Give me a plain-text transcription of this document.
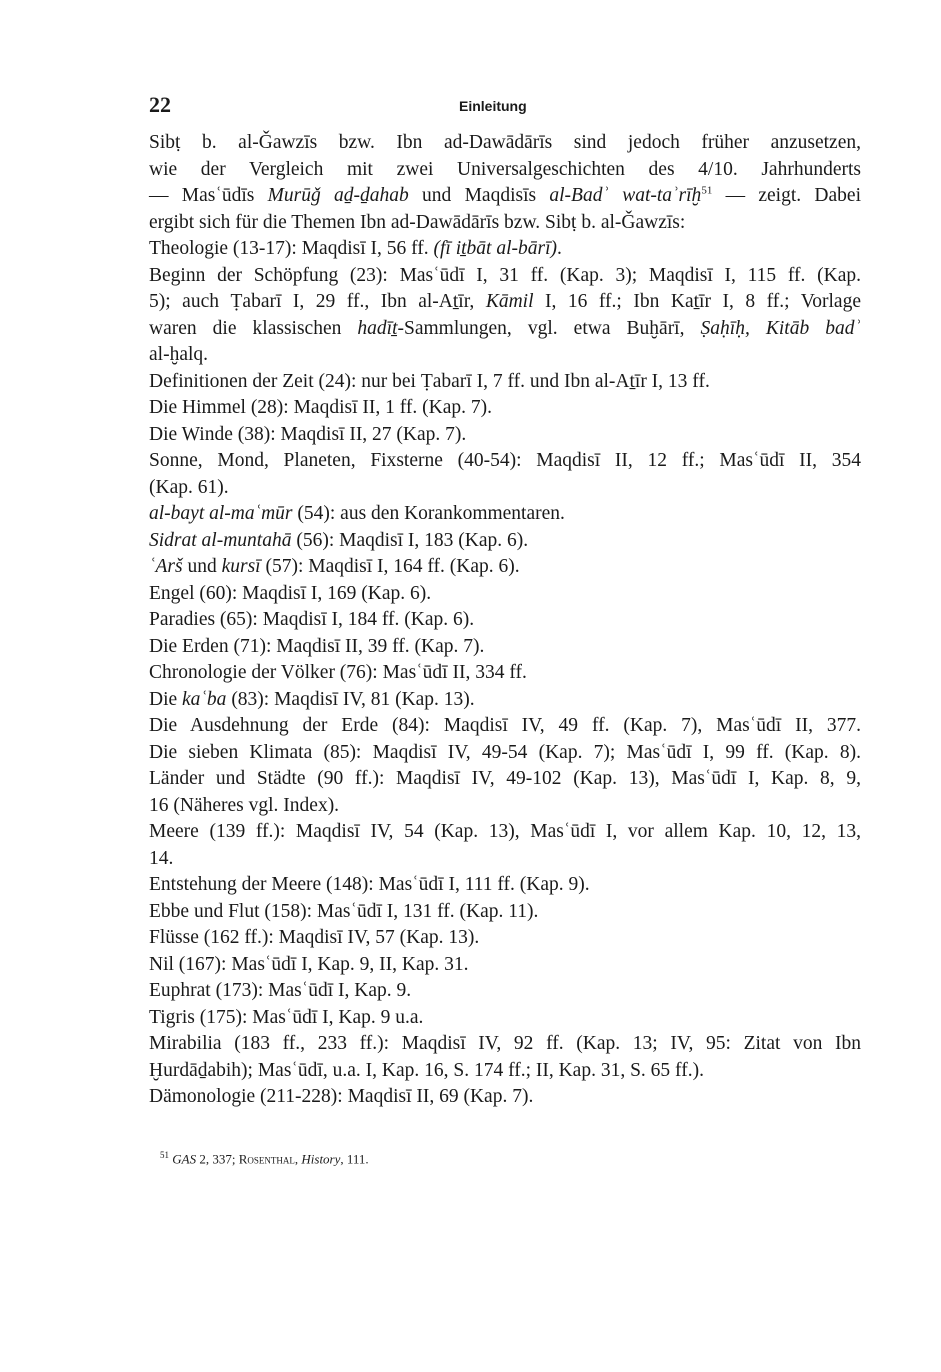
22	Einleitung
Sibṭ b. al-Ǧawzīs bzw. Ibn ad-Dawādārīs sind jedoch früher anzusetzen,
wie der Vergleich mit zwei Universalgeschichten des 4/10. Jahrhunderts
— Masʿūdīs Murūǧ aḏ-ḏahab und Maqdisīs al-Badʾ wat-taʾrīḫ$^{51}$ — zeigt. Dabei
ergibt sich für die Themen Ibn ad-Dawādārīs bzw. Sibṭ b. al-Ǧawzīs:
Theologie (13-17): Maqdisī I, 56 ff. (fī iṯbāt al-bārī).
Beginn der Schöpfung (23): Masʿūdī I, 31 ff. (Kap. 3); Maqdisī I, 115 ff. (Kap.
5); auch Ṭabarī I, 29 ff., Ibn al-Aṯīr, Kāmil I, 16 ff.; Ibn Kaṯīr I, 8 ff.; Vorlage
waren die klassischen hadīṯ-Sammlungen, vgl. etwa Buḫārī, Ṣaḥīḥ, Kitāb badʾ
al-ḫalq.
Definitionen der Zeit (24): nur bei Ṭabarī I, 7 ff. und Ibn al-Aṯīr I, 13 ff.
Die Himmel (28): Maqdisī II, 1 ff. (Kap. 7).
Die Winde (38): Maqdisī II, 27 (Kap. 7).
Sonne, Mond, Planeten, Fixsterne (40-54): Maqdisī II, 12 ff.; Masʿūdī II, 354
(Kap. 61).
al-bayt al-maʿmūr (54): aus den Korankommentaren.
Sidrat al-muntahā (56): Maqdisī I, 183 (Kap. 6).
ʿArš und kursī (57): Maqdisī I, 164 ff. (Kap. 6).
Engel (60): Maqdisī I, 169 (Kap. 6).
Paradies (65): Maqdisī I, 184 ff. (Kap. 6).
Die Erden (71): Maqdisī II, 39 ff. (Kap. 7).
Chronologie der Völker (76): Masʿūdī II, 334 ff.
Die kaʿba (83): Maqdisī IV, 81 (Kap. 13).
Die Ausdehnung der Erde (84): Maqdisī IV, 49 ff. (Kap. 7), Masʿūdī II, 377.
Die sieben Klimata (85): Maqdisī IV, 49-54 (Kap. 7); Masʿūdī I, 99 ff. (Kap. 8).
Länder und Städte (90 ff.): Maqdisī IV, 49-102 (Kap. 13), Masʿūdī I, Kap. 8, 9,
16 (Näheres vgl. Index).
Meere (139 ff.): Maqdisī IV, 54 (Kap. 13), Masʿūdī I, vor allem Kap. 10, 12, 13,
14.
Entstehung der Meere (148): Masʿūdī I, 111 ff. (Kap. 9).
Ebbe und Flut (158): Masʿūdī I, 131 ff. (Kap. 11).
Flüsse (162 ff.): Maqdisī IV, 57 (Kap. 13).
Nil (167): Masʿūdī I, Kap. 9, II, Kap. 31.
Euphrat (173): Masʿūdī I, Kap. 9.
Tigris (175): Masʿūdī I, Kap. 9 u.a.
Mirabilia (183 ff., 233 ff.): Maqdisī IV, 92 ff. (Kap. 13; IV, 95: Zitat von Ibn
Ḫurdāḏabih); Masʿūdī, u.a. I, Kap. 16, S. 174 ff.; II, Kap. 31, S. 65 ff.).
Dämonologie (211-228): Maqdisī II, 69 (Kap. 7).
$^{51}$ GAS 2, 337; Rosenthal, History, 111.
